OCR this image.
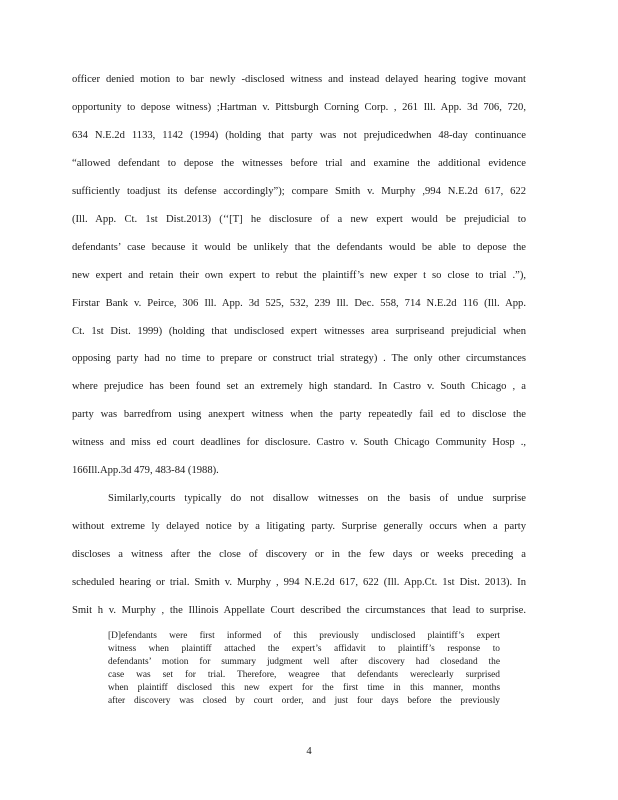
officer denied motion to bar newly -disclosed witness and instead delayed hearing togive movant
opportunity to depose witness) ;Hartman v. Pittsburgh Corning Corp. , 261 Ill. App. 3d 706, 720,
634 N.E.2d 1133, 1142 (1994) (holding that party was not prejudicedwhen 48-day continuance
“allowed defendant to depose the witnesses before trial and examine the additional evidence
sufficiently toadjust its defense accordingly”); compare Smith v. Murphy ,994 N.E.2d 617, 622
(Ill. App. Ct. 1st Dist.2013) (‘‘[T] he disclosure of a new expert would be prejudicial to
defendants’ case because it would be unlikely that the defendants would be able to depose the
new expert and retain their own expert to rebut the plaintiff’s new exper t so close to trial .”),
Firstar Bank v. Peirce, 306 Ill. App. 3d 525, 532, 239 Ill. Dec. 558, 714 N.E.2d 116 (Ill. App.
Ct. 1st Dist. 1999) (holding that undisclosed expert witnesses area surpriseand prejudicial when
opposing party had no time to prepare or construct trial strategy) . The only other circumstances
where prejudice has been found set an extremely high standard. In Castro v. South Chicago , a
party was barredfrom using anexpert witness when the party repeatedly fail ed to disclose the
witness and miss ed court deadlines for disclosure. Castro v. South Chicago Community Hosp .,
166Ill.App.3d 479, 483-84 (1988).
Similarly,courts typically do not disallow witnesses on the basis of undue surprise
without extreme ly delayed notice by a litigating party. Surprise generally occurs when a party
discloses a witness after the close of discovery or in the few days or weeks preceding a
scheduled hearing or trial. Smith v. Murphy , 994 N.E.2d 617, 622 (Ill. App.Ct. 1st Dist. 2013). In
Smit h v. Murphy , the Illinois Appellate Court described the circumstances that lead to surprise.
[D]efendants were first informed of this previously undisclosed plaintiff’s expert
witness when plaintiff attached the expert’s affidavit to plaintiff’s response to
defendants’ motion for summary judgment well after discovery had closedand the
case was set for trial. Therefore, weagree that defendants wereclearly surprised
when plaintiff disclosed this new expert for the first time in this manner, months
after discovery was closed by court order, and just four days before the previously
4
